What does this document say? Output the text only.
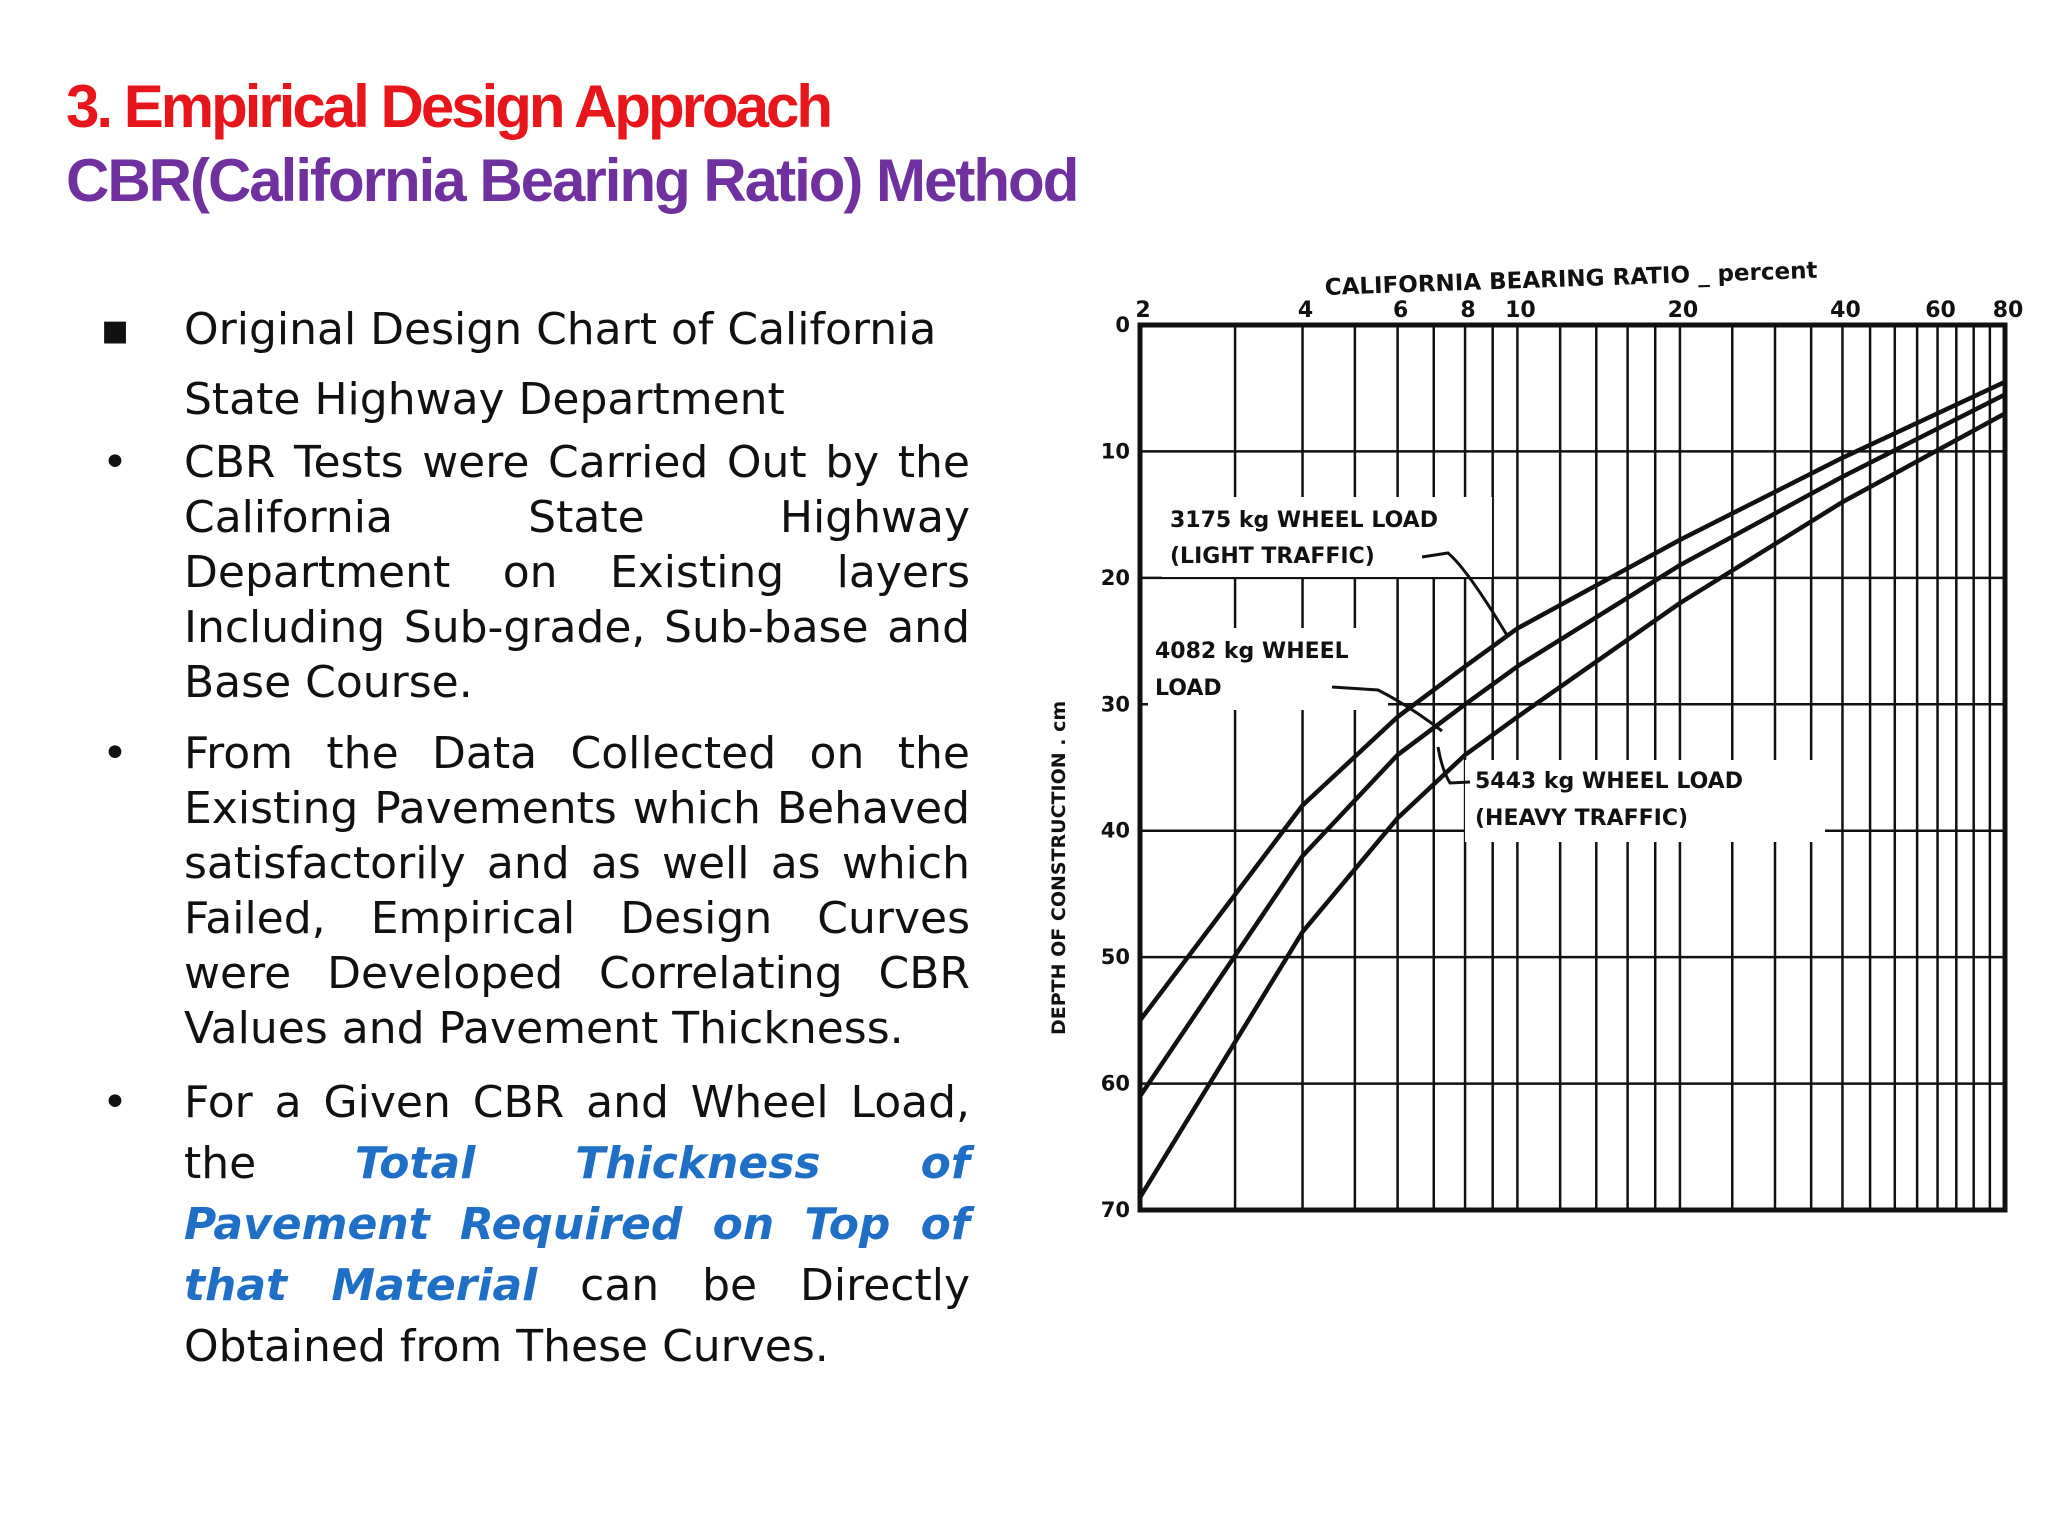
3. Empirical Design Approach
CBR(California Bearing Ratio) Method
▪ Original Design Chart of California State Highway Department
• CBR Tests were Carried Out by the California State Highway Department on Existing layers Including Sub-grade, Sub-base and Base Course.
• From the Data Collected on the Existing Pavements which Behaved satisfactorily and as well as which Failed, Empirical Design Curves were Developed Correlating CBR Values and Pavement Thickness.
• For a Given CBR and Wheel Load, the Total Thickness of Pavement Required on Top of that Material can be Directly Obtained from These Curves.
2	4	6 8 10	20	40	60 80
0
10
20
30
40
50
60
70
CALIFORNIA BEARING RATIO _ percent
DEPTH OF CONSTRUCTION . cm
3175 kg WHEEL LOAD
(LIGHT TRAFFIC)
4082 kg WHEEL
LOAD
5443 kg WHEEL LOAD
(HEAVY TRAFFIC)
